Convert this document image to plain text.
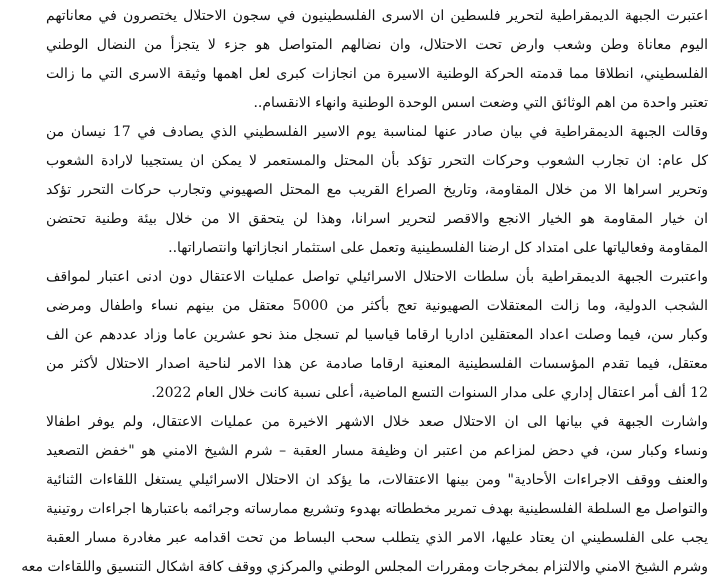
اعتبرت الجبهة الديمقراطية لتحرير فلسطين ان الاسرى الفلسطينيون في سجون الاحتلال يختصرون في معاناتهم
اليوم معاناة وطن وشعب وارض تحت الاحتلال، وان نضالهم المتواصل هو جزء لا يتجزأ من النضال الوطني
الفلسطيني، انطلاقا مما قدمته الحركة الوطنية الاسيرة من انجازات كبرى لعل اهمها وثيقة الاسرى التي ما زالت
تعتبر واحدة من اهم الوثائق التي وضعت اسس الوحدة الوطنية وانهاء الانقسام..
وقالت الجبهة الديمقراطية في بيان صادر عنها لمناسبة يوم الاسير الفلسطيني الذي يصادف في 17 نيسان من
كل عام: ان تجارب الشعوب وحركات التحرر تؤكد بأن المحتل والمستعمر لا يمكن ان يستجيبا لارادة الشعوب
وتحرير اسراها الا من خلال المقاومة، وتاريخ الصراع القريب مع المحتل الصهيوني وتجارب حركات التحرر تؤكد
ان خيار المقاومة هو الخيار الانجع والاقصر لتحرير اسرانا، وهذا لن يتحقق الا من خلال بيئة وطنية تحتضن
المقاومة وفعالياتها على امتداد كل ارضنا الفلسطينية وتعمل على استثمار انجازاتها وانتصاراتها..
واعتبرت الجبهة الديمقراطية بأن سلطات الاحتلال الاسرائيلي تواصل عمليات الاعتقال دون ادنى اعتبار لمواقف
الشجب الدولية، وما زالت المعتقلات الصهيونية تعج بأكثر من 5000 معتقل من بينهم نساء واطفال ومرضى
وكبار سن، فيما وصلت اعداد المعتقلين اداريا ارقاما قياسيا لم تسجل منذ نحو عشرين عاما وزاد عددهم عن الف
معتقل، فيما تقدم المؤسسات الفلسطينية المعنية ارقاما صادمة عن هذا الامر لناحية اصدار الاحتلال لأكثر من
12 ألف أمر اعتقال إداري على مدار السنوات التسع الماضية، أعلى نسبة كانت خلال العام 2022.
واشارت الجبهة في بيانها الى ان الاحتلال صعد خلال الاشهر الاخيرة من عمليات الاعتقال، ولم يوفر اطفالا
ونساء وكبار سن، في دحض لمزاعم من اعتبر ان وظيفة مسار العقبة – شرم الشيخ الامني هو "خفض التصعيد
والعنف ووقف الاجراءات الأحادية" ومن بينها الاعتقالات، ما يؤكد ان الاحتلال الاسرائيلي يستغل اللقاءات الثنائية
والتواصل مع السلطة الفلسطينية بهدف تمرير مخططاته بهدوء وتشريع ممارساته وجرائمه باعتبارها اجراءات روتينية
يجب على الفلسطيني ان يعتاد عليها، الامر الذي يتطلب سحب البساط من تحت اقدامه عبر مغادرة مسار العقبة
وشرم الشيخ الامني والالتزام بمخرجات ومقررات المجلس الوطني والمركزي ووقف كافة اشكال التنسيق واللقاءات معه
